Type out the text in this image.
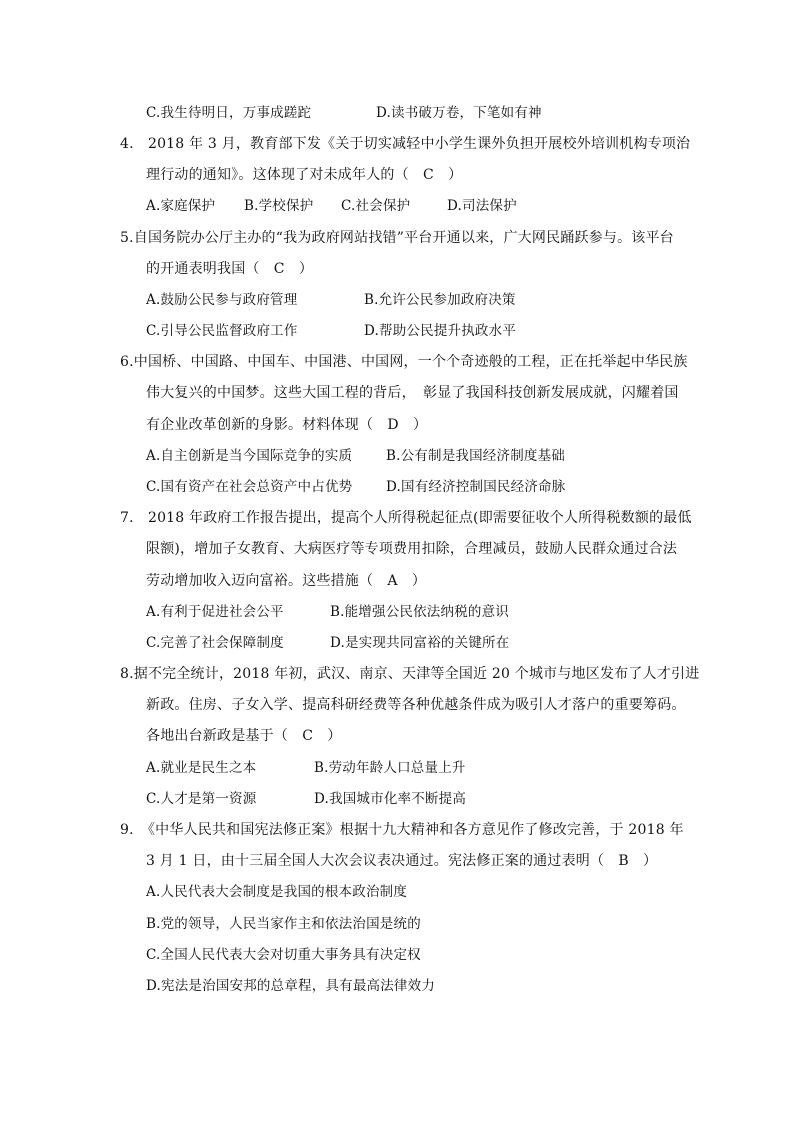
C.我生待明日，万事成蹉跎	D.读书破万卷，下笔如有神
4.　2018 年 3 月，教育部下发《关于切实减轻中小学生课外负担开展校外培训机构专项治
理行动的通知》。这体现了对未成年人的（　C　）
A.家庭保护 B.学校保护 C.社会保护	D.司法保护
5.自国务院办公厅主办的“我为政府网站找错”平台开通以来，广大网民踊跃参与。该平台
的开通表明我国（　C　）
A.鼓励公民参与政府管理	B.允许公民参加政府决策
C.引导公民监督政府工作	D.帮助公民提升执政水平
6.中国桥、中国路、中国车、中国港、中国网，一个个奇迹般的工程，正在托举起中华民族
伟大复兴的中国梦。这些大国工程的背后，　彰显了我国科技创新发展成就，闪耀着国
有企业改革创新的身影。材料体现（　D　）
A.自主创新是当今国际竞争的实质	B.公有制是我国经济制度基础
C.国有资产在社会总资产中占优势 D.国有经济控制国民经济命脉
7.　2018 年政府工作报告提出，提高个人所得税起征点(即需要征收个人所得税数额的最低
限额)，增加子女教育、大病医疗等专项费用扣除，合理减员，鼓励人民群众通过合法
劳动增加收入迈向富裕。这些措施（　A　）
A.有利于促进社会公平	B.能增强公民依法纳税的意识
C.完善了社会保障制度	D.是实现共同富裕的关键所在
8.据不完全统计，2018 年初，武汉、南京、天津等全国近 20 个城市与地区发布了人才引进
新政。住房、子女入学、提高科研经费等各种优越条件成为吸引人才落户的重要筹码。
各地出台新政是基于（　C　）
A.就业是民生之本	B.劳动年龄人口总量上升
C.人才是第一资源	D.我国城市化率不断提高
9.　《中华人民共和国宪法修正案》根据十九大精神和各方意见作了修改完善，于 2018 年
3 月 1 日，由十三届全国人大次会议表决通过。宪法修正案的通过表明（　B　）
A.人民代表大会制度是我国的根本政治制度
B.党的领导，人民当家作主和依法治国是统的
C.全国人民代表大会对切重大事务具有决定权
D.宪法是治国安邦的总章程，具有最高法律效力
